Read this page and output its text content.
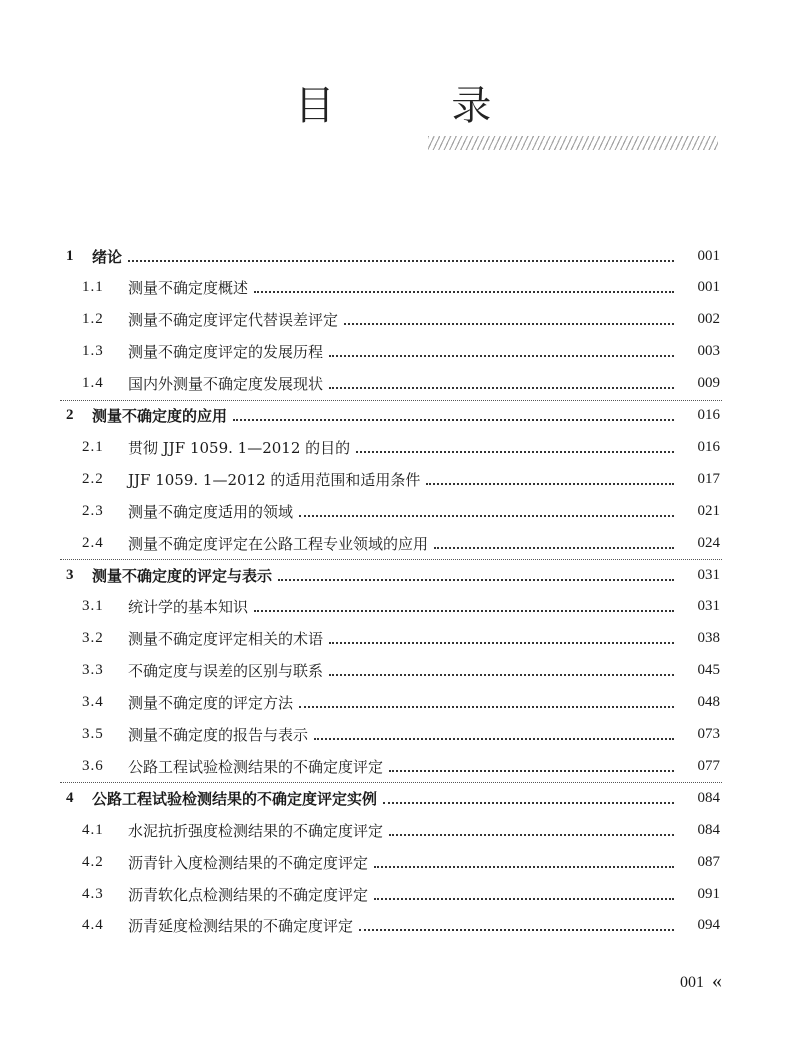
目 录
1	绪论	001
1.1	测量不确定度概述	001
1.2	测量不确定度评定代替误差评定	002
1.3	测量不确定度评定的发展历程	003
1.4	国内外测量不确定度发展现状	009
2	测量不确定度的应用	016
2.1	贯彻 JJF 1059. 1—2012 的目的	016
2.2	JJF 1059. 1—2012 的适用范围和适用条件	017
2.3	测量不确定度适用的领域	021
2.4	测量不确定度评定在公路工程专业领域的应用	024
3	测量不确定度的评定与表示	031
3.1	统计学的基本知识	031
3.2	测量不确定度评定相关的术语	038
3.3	不确定度与误差的区别与联系	045
3.4	测量不确定度的评定方法	048
3.5	测量不确定度的报告与表示	073
3.6	公路工程试验检测结果的不确定度评定	077
4	公路工程试验检测结果的不确定度评定实例	084
4.1	水泥抗折强度检测结果的不确定度评定	084
4.2	沥青针入度检测结果的不确定度评定	087
4.3	沥青软化点检测结果的不确定度评定	091
4.4	沥青延度检测结果的不确定度评定	094
001 «
